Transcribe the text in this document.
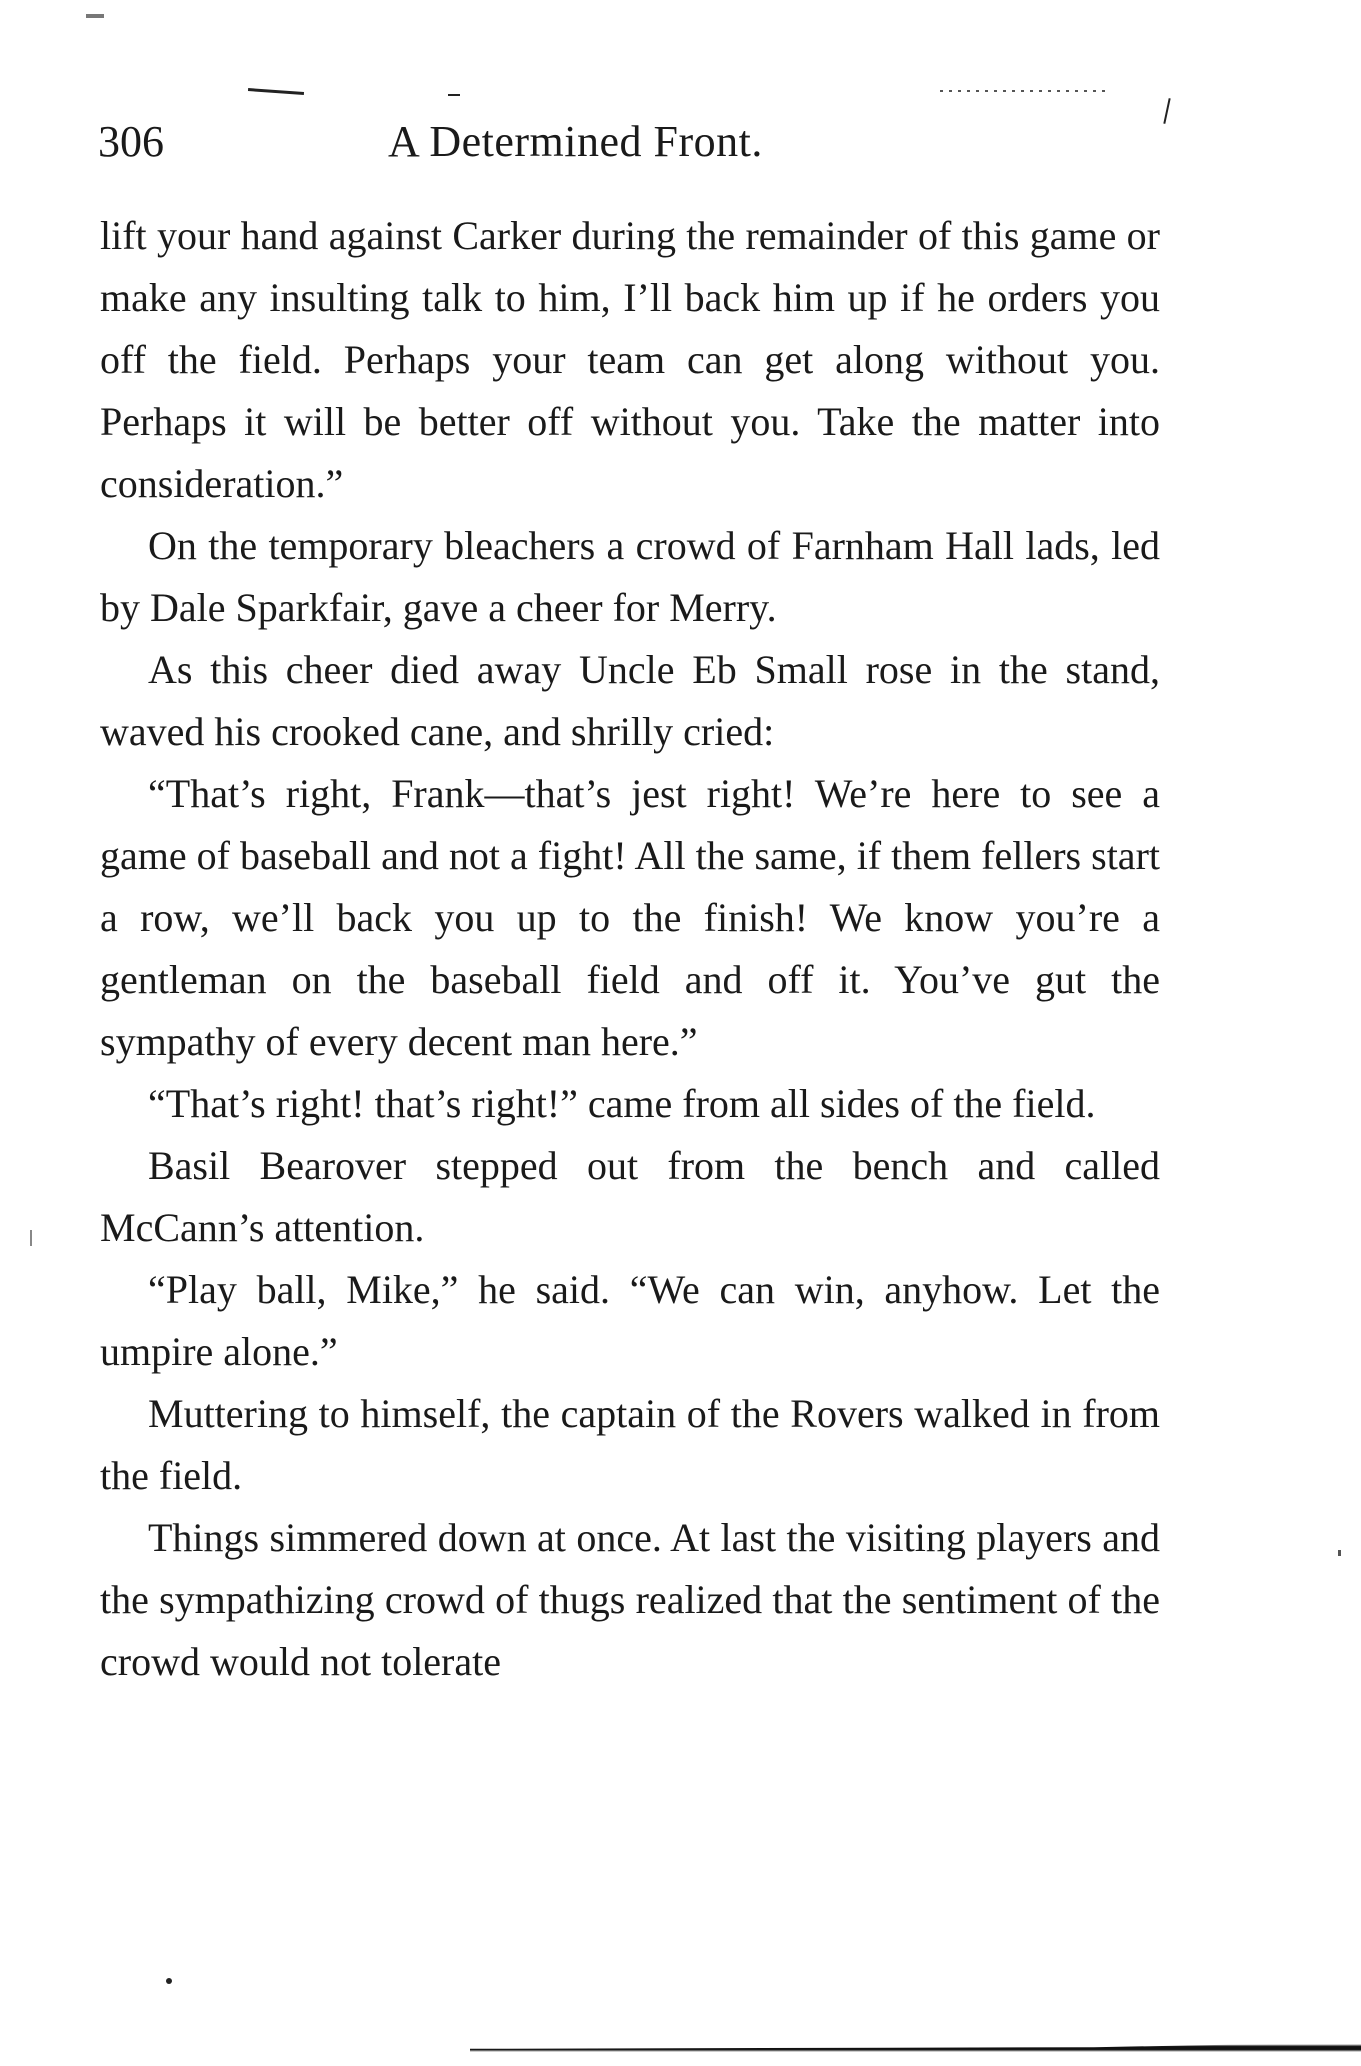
306	A Determined Front.

lift your hand against Carker during the remainder of this game or make any insulting talk to him, I’ll back him up if he orders you off the field. Perhaps your team can get along without you. Perhaps it will be better off without you. Take the matter into consideration.”

On the temporary bleachers a crowd of Farnham Hall lads, led by Dale Sparkfair, gave a cheer for Merry.

As this cheer died away Uncle Eb Small rose in the stand, waved his crooked cane, and shrilly cried:

“That’s right, Frank—that’s jest right! We’re here to see a game of baseball and not a fight! All the same, if them fellers start a row, we’ll back you up to the finish! We know you’re a gentleman on the baseball field and off it. You’ve gut the sympathy of every decent man here.”

“That’s right! that’s right!” came from all sides of the field.

Basil Bearover stepped out from the bench and called McCann’s attention.

“Play ball, Mike,” he said. “We can win, anyhow. Let the umpire alone.”

Muttering to himself, the captain of the Rovers walked in from the field.

Things simmered down at once. At last the visiting players and the sympathizing crowd of thugs realized that the sentiment of the crowd would not tolerate
